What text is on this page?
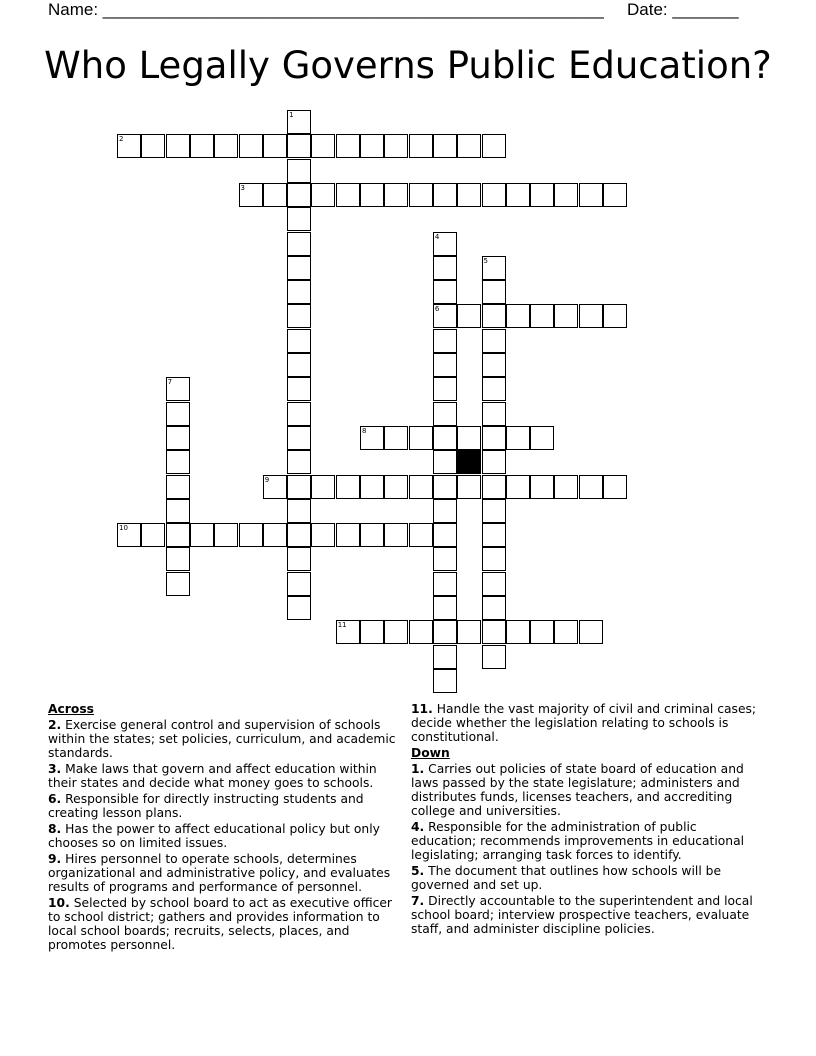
Name: _____________________________________________________ Date: _______
Who Legally Governs Public Education?
1
2
3
4
6
5
7
8
9
10
11
Across
2. Exercise general control and supervision of schools within the states; set policies, curriculum, and academic standards.
3. Make laws that govern and affect education within their states and decide what money goes to schools.
6. Responsible for directly instructing students and creating lesson plans.
8. Has the power to affect educational policy but only chooses so on limited issues.
9. Hires personnel to operate schools, determines organizational and administrative policy, and evaluates results of programs and performance of personnel.
10. Selected by school board to act as executive officer to school district; gathers and provides information to local school boards; recruits, selects, places, and promotes personnel.
11. Handle the vast majority of civil and criminal cases; decide whether the legislation relating to schools is constitutional.
Down
1. Carries out policies of state board of education and laws passed by the state legislature; administers and distributes funds, licenses teachers, and accrediting college and universities.
4. Responsible for the administration of public education; recommends improvements in educational legislating; arranging task forces to identify.
5. The document that outlines how schools will be governed and set up.
7. Directly accountable to the superintendent and local school board; interview prospective teachers, evaluate staff, and administer discipline policies.
